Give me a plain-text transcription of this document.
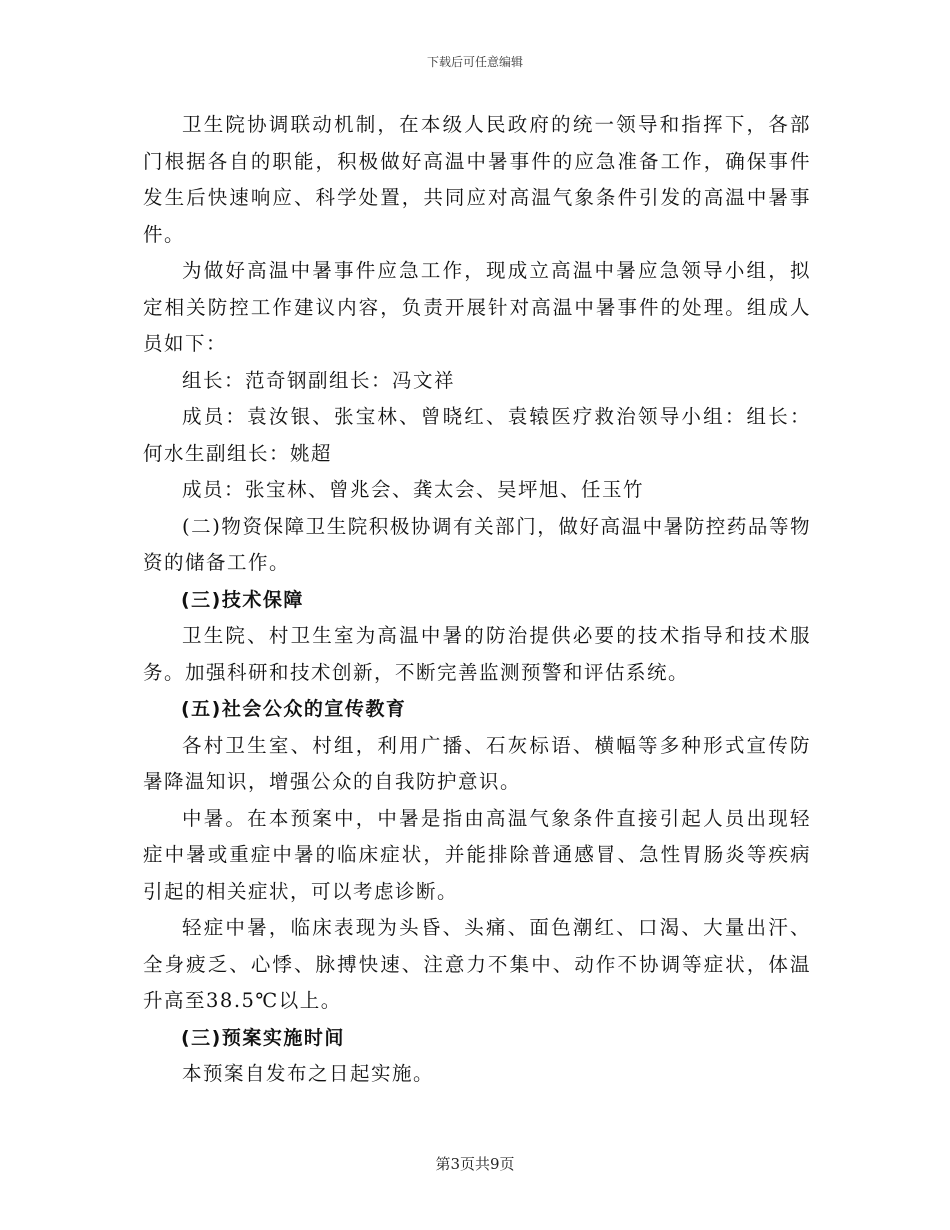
下载后可任意编辑

卫生院协调联动机制，在本级人民政府的统一领导和指挥下，各部门根据各自的职能，积极做好高温中暑事件的应急准备工作，确保事件发生后快速响应、科学处置，共同应对高温气象条件引发的高温中暑事件。

为做好高温中暑事件应急工作，现成立高温中暑应急领导小组，拟定相关防控工作建议内容，负责开展针对高温中暑事件的处理。组成人员如下：

组长：范奇钢副组长：冯文祥

成员：袁汝银、张宝林、曾晓红、袁辕医疗救治领导小组：组长：何水生副组长：姚超

成员：张宝林、曾兆会、龚太会、吴坪旭、任玉竹

(二)物资保障卫生院积极协调有关部门，做好高温中暑防控药品等物资的储备工作。

(三)技术保障

卫生院、村卫生室为高温中暑的防治提供必要的技术指导和技术服务。加强科研和技术创新，不断完善监测预警和评估系统。

(五)社会公众的宣传教育

各村卫生室、村组，利用广播、石灰标语、横幅等多种形式宣传防暑降温知识，增强公众的自我防护意识。

中暑。在本预案中，中暑是指由高温气象条件直接引起人员出现轻症中暑或重症中暑的临床症状，并能排除普通感冒、急性胃肠炎等疾病引起的相关症状，可以考虑诊断。

轻症中暑，临床表现为头昏、头痛、面色潮红、口渴、大量出汗、全身疲乏、心悸、脉搏快速、注意力不集中、动作不协调等症状，体温升高至38.5℃以上。

(三)预案实施时间

本预案自发布之日起实施。

第3页共9页
